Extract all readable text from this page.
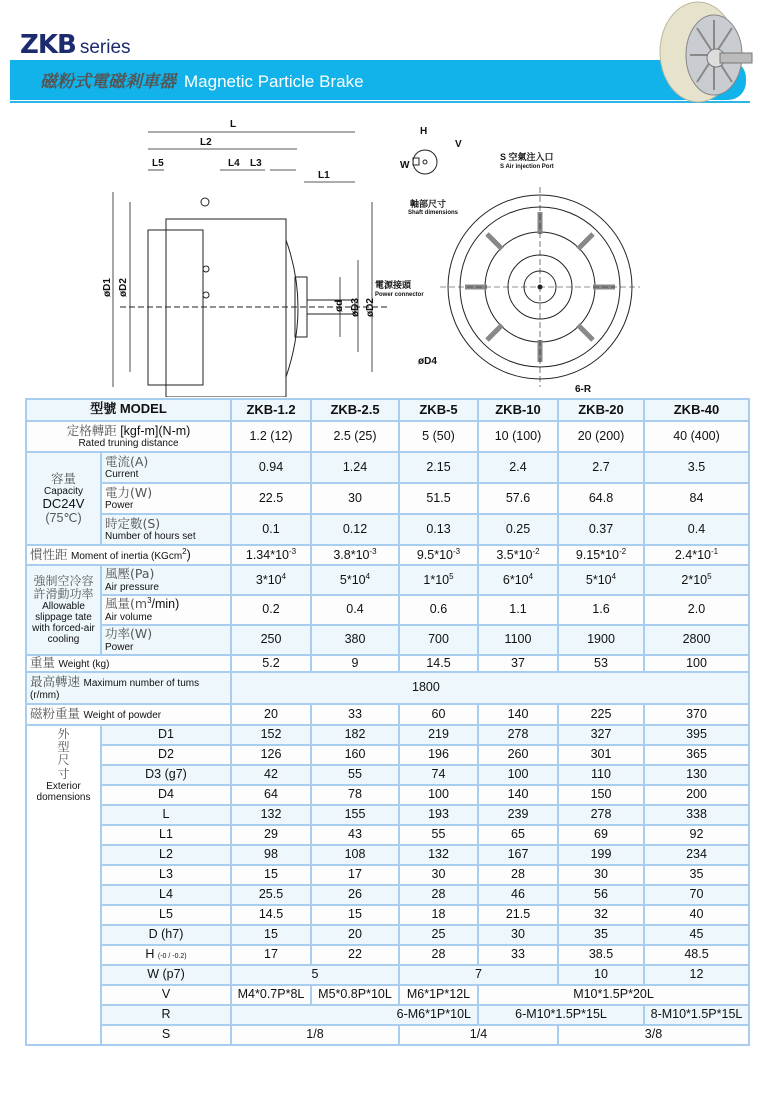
ZKB series
磁粉式電磁剎車器 Magnetic Particle Brake
L
L2
L5	L4 L3
L1
øD1 øD2
ød øD3 øD2
H
V
W
軸部尺寸
Shaft dimensions
S 空氣注入口
S Air injection Port
電源接頭
Power connector
øD4
6-R
型號 MODEL		ZKB-1.2	ZKB-2.5	ZKB-5	ZKB-10	ZKB-20	ZKB-40
定格轉距 [kgf-m](N-m)
Rated truning distance		1.2 (12)	2.5 (25)	5 (50)	10 (100)	20 (200)	40 (400)
容量
Capacity
DC24V
(75℃)	電流(A)
Current	0.94	1.24	2.15	2.4	2.7	3.5
	電力(W)
Power	22.5	30	51.5	57.6	64.8	84
	時定數(S)
Number of hours set	0.1	0.12	0.13	0.25	0.37	0.4
慣性距 Moment of inertia (KGcm$^2$)		$1.34*10^{-3}$	$3.8*10^{-3}$	$9.5*10^{-3}$	$3.5*10^{-2}$	$9.15*10^{-2}$	$2.4*10^{-1}$

強制空冷容
許滑動功率
Allowable slippage tate with forced-air cooling	風壓(Pa)
Air pressure	$3*10^4$	$5*10^4$	$1*10^5$	$6*10^4$	$5*10^4$	$2*10^5$
	風量$(m^3/\min)$
Air volume	0.2	0.4	0.6	1.1	1.6	2.0
	功率(W)
Power	250	380	700	1100	1900	2800
重量 Weight (kg)		5.2	9	14.5	37	53	100
最高轉速 Maximum number of tums
(r/mm)		1800					
磁粉重量 Weight of powder		20	33	60	140	225	370

外
型
尺
寸
Exterior domensions	D1	152	182	219	278	327	395
	D2	126	160	196	260	301	365
	D3 (g7)	42	55	74	100	110	130
	D4	64	78	100	140	150	200
	L	132	155	193	239	278	338
	L1	29	43	55	65	69	92
	L2	98	108	132	167	199	234
	L3	15	17	30	28	30	35
	L4	25.5	26	28	46	56	70
	L5	14.5	15	18	21.5	32	40
	D (h7)	15	20	25	30	35	45
	H (-0 / -0.2)	17	22	28	33	38.5	48.5
	W (p7)	5		7		10	12
	V	M4*0.7P*8L	M5*0.8P*10L	M6*1P*12L	M10*1.5P*20L		
	R	6-M6*1P*10L			6-M10*1.5P*15L		8-M10*1.5P*15L
	S	1/8		1/4		3/8	
